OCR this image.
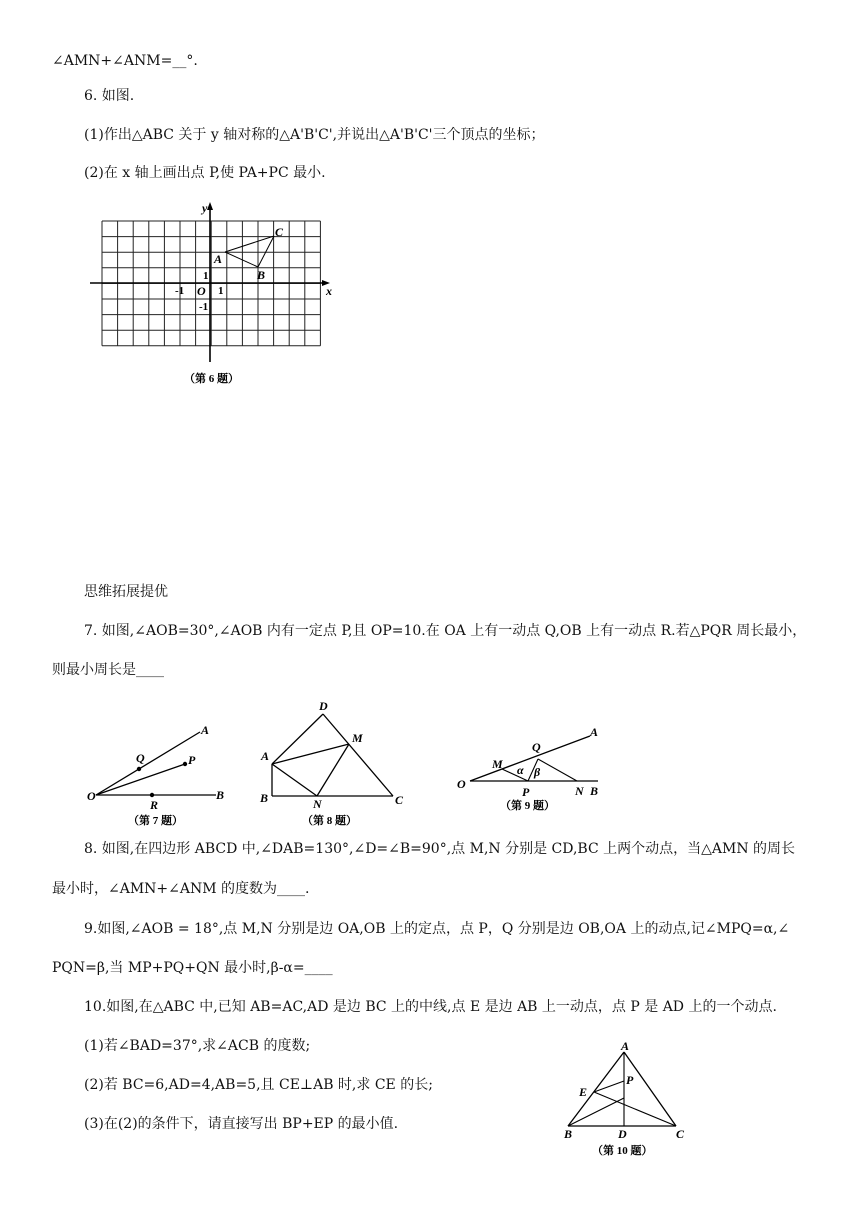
∠AMN+∠ANM=__°.
6. 如图.
(1)作出△ABC 关于 y 轴对称的△A'B'C',并说出△A'B'C'三个顶点的坐标；
(2)在 x 轴上画出点 P,使 PA+PC 最小.
y
x
O 1
-1
1
-1
A
B
C
（第 6 题）
思维拓展提优
7. 如图,∠AOB=30°,∠AOB 内有一定点 P,且 OP=10.在 OA 上有一动点 Q,OB 上有一动点 R.若△PQR 周长最小，
则最小周长是____
O
A
B
Q	P
R
（第 7 题）
D
A
M
B	N	C
（第 8 题）
O
A
M
Q
α β
P	N B
（第 9 题）
8. 如图,在四边形 ABCD 中,∠DAB=130°,∠D=∠B=90°,点 M,N 分别是 CD,BC 上两个动点，当△AMN 的周长
最小时，∠AMN+∠ANM 的度数为____.
9.如图,∠AOB = 18°,点 M,N 分别是边 OA,OB 上的定点，点 P，Q 分别是边 OB,OA 上的动点,记∠MPQ=α,∠
PQN=β,当 MP+PQ+QN 最小时,β-α=____
10.如图,在△ABC 中,已知 AB=AC,AD 是边 BC 上的中线,点 E 是边 AB 上一动点，点 P 是 AD 上的一个动点.
(1)若∠BAD=37°,求∠ACB 的度数;
(2)若 BC=6,AD=4,AB=5,且 CE⊥AB 时,求 CE 的长;
(3)在(2)的条件下，请直接写出 BP+EP 的最小值.
A
E
P
B	D	C
（第 10 题）
